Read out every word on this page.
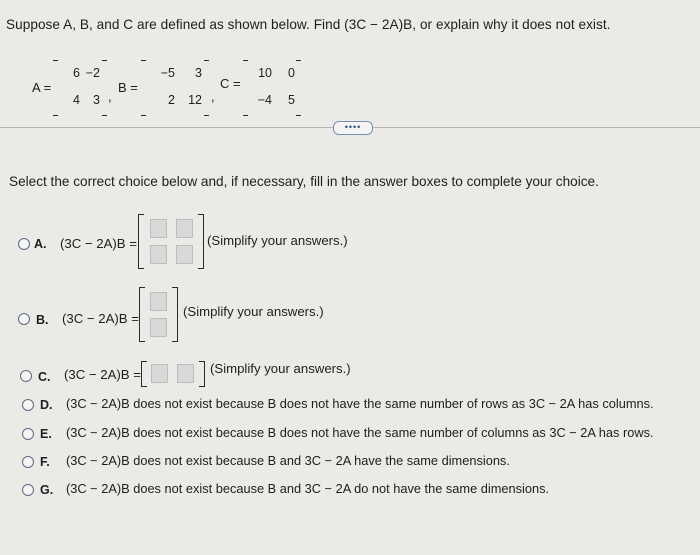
Suppose A, B, and C are defined as shown below. Find (3C − 2A)B, or explain why it does not exist.
A =
6 −2
4	3 ,
B =
−5	3
2	12 ,
C =
10	0
−4	5
••••
Select the correct choice below and, if necessary, fill in the answer boxes to complete your choice.
A. (3C − 2A)B =	(Simplify your answers.)
B. (3C − 2A)B =	(Simplify your answers.)
C. (3C − 2A)B =	(Simplify your answers.)
D. (3C − 2A)B does not exist because B does not have the same number of rows as 3C − 2A has columns.
E. (3C − 2A)B does not exist because B does not have the same number of columns as 3C − 2A has rows.
F. (3C − 2A)B does not exist because B and 3C − 2A have the same dimensions.
G. (3C − 2A)B does not exist because B and 3C − 2A do not have the same dimensions.
